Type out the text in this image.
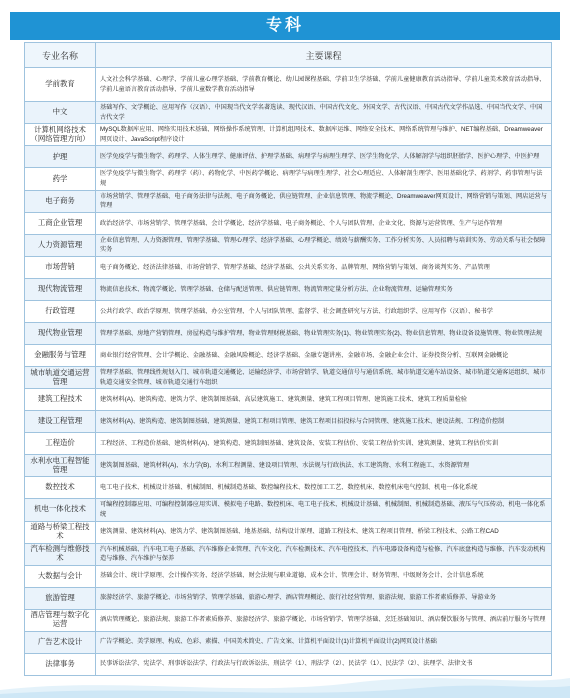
专科
专业名称	主要课程
学前教育	人文社会科学基础、心理学、学前儿童心理学基础、学前教育概论、幼儿园课程基础、学前卫生学基础、学前儿童健康教育活动指导、学前儿童美术教育活动指导、学前儿童语言教育活动指导、学前儿童数学教育活动指导
中文	基础写作、文学概论、应用写作（汉语）、中国现当代文学名著选读、现代汉语、中国古代文化、外国文学、古代汉语、中国古代文学作品选、中国当代文学、中国古代文学
计算机网络技术（网络管理方向）	MySQL数据库应用、网络实用技术基础、网络操作系统管理、计算机组网技术、数据库运维、网络安全技术、网络系统管理与维护、NET编程基础、Dreamweaver网页设计、JavaScript程序设计
护理	医学免疫学与微生物学、药理学、人体生理学、健康评估、护理学基础、病理学与病理生理学、医学生物化学、人体解剖学与组织胚胎学、医护心理学、中医护理
药学	医学免疫学与微生物学、药理学（药）、药物化学、中医药学概论、病理学与病理生理学、社会心理适应、人体解剖生理学、医用基础化学、药剂学、药事管理与法规
电子商务	市场营销学、管理学基础、电子商务法律与法规、电子商务概论、供应链管理、企业信息管理、物流学概论、Dreamweaver网页设计、网络营销与策划、网店运营与管理
工商企业管理	政治经济学、市场营销学、管理学基础、会计学概论、经济学基础、电子商务概论、个人与团队管理、企业文化、资源与运营管理、生产与运作管理
人力资源管理	企业信息管理、人力资源管理、管理学基础、管理心理学、经济学基础、心理学概论、绩效与薪酬实务、工作分析实务、人员招聘与培训实务、劳动关系与社会保障实务
市场营销	电子商务概论、经济法律基础、市场营销学、管理学基础、经济学基础、公共关系实务、品牌管理、网络营销与策划、商务谈判实务、产品管理
现代物流管理	物流信息技术、物流学概论、管理学基础、仓储与配送管理、供应链管理、物流管理定量分析方法、企业物流管理、运输管理实务
行政管理	公共行政学、政治学原理、管理学基础、办公室管理、个人与团队管理、监督学、社会调查研究与方法、行政组织学、应用写作（汉语）、秘书学
现代物业管理	管理学基础、房地产营销管理、房屋构造与维护管理、物业管理财税基础、物业管理实务(1)、物业管理实务(2)、物业信息管理、物业设备设施管理、物业管理法规
金融服务与管理	商业银行经营管理、会计学概论、金融基础、金融风险概论、经济学基础、金融专题讲座、金融市场、金融企业会计、证券投资分析、互联网金融概论
城市轨道交通运营管理	管理学基础、管理线性规划入门、城市轨道交通概论、运输经济学、市场营销学、轨道交通信号与通信系统、城市轨道交通车站设备、城市轨道交通客运组织、城市轨道交通安全管理、城市轨道交通行车组织
建筑工程技术	建筑材料(A)、建筑构造、建筑力学、建筑制图基础、高层建筑施工、建筑测量、建筑工程项目管理、建筑施工技术、建筑工程质量检验
建设工程管理	建筑材料(A)、建筑构造、建筑制图基础、建筑测量、建筑工程项目管理、建筑工程项目招投标与合同管理、建筑施工技术、建设法规、工程造价控制
工程造价	工程经济、工程造价基础、建筑材料(A)、建筑构造、建筑制图基础、建筑设备、安装工程估价、安装工程估价实训、建筑测量、建筑工程估价实训
水利水电工程智能管理	建筑制图基础、建筑材料(A)、水力学(B)、水利工程测量、建设项目管理、水法规与行政执法、水工建筑物、水利工程施工、水资源管理
数控技术	电工电子技术、机械设计基础、机械制图、机械制造基础、数控编程技术、数控加工工艺、数控机床、数控机床电气控制、机电一体化系统
机电一体化技术	可编程控制器应用、可编程控制器应用实训、模拟电子电路、数控机床、电工电子技术、机械设计基础、机械制图、机械制造基础、液压与气压传动、机电一体化系统
道路与桥梁工程技术	建筑测量、建筑材料(A)、建筑力学、建筑制图基础、地基基础、结构设计原理、道路工程技术、建筑工程项目管理、桥梁工程技术、公路工程CAD
汽车检测与维修技术	汽车机械基础、汽车电工电子基础、汽车维修企业管理、汽车文化、汽车检测技术、汽车电控技术、汽车电器设备构造与检修、汽车底盘构造与维修、汽车发动机构造与维修、汽车维护与保养
大数据与会计	基础会计、统计学原理、会计操作实务、经济学基础、财会法规与职业道德、成本会计、管理会计、财务管理、中级财务会计、会计信息系统
旅游管理	旅游经济学、旅游学概论、市场营销学、管理学基础、旅游心理学、酒店管理概论、旅行社经营管理、旅游法规、旅游工作者素质修养、导游业务
酒店管理与数字化运营	酒店管理概论、旅游法规、旅游工作者素质修养、旅游经济学、旅游学概论、市场营销学、管理学基础、烹饪基础知识、酒店餐饮服务与管理、酒店前厅服务与管理
广告艺术设计	广告学概论、美学原理、构成、色彩、素描、中国美术简史、广告文案、计算机平面设计(1)计算机平面设计(2)网页设计基础
法律事务	民事诉讼法学、宪法学、刑事诉讼法学、行政法与行政诉讼法、刑法学（1）、刑法学（2）、民法学（1）、民法学（2）、法理学、法律文书
